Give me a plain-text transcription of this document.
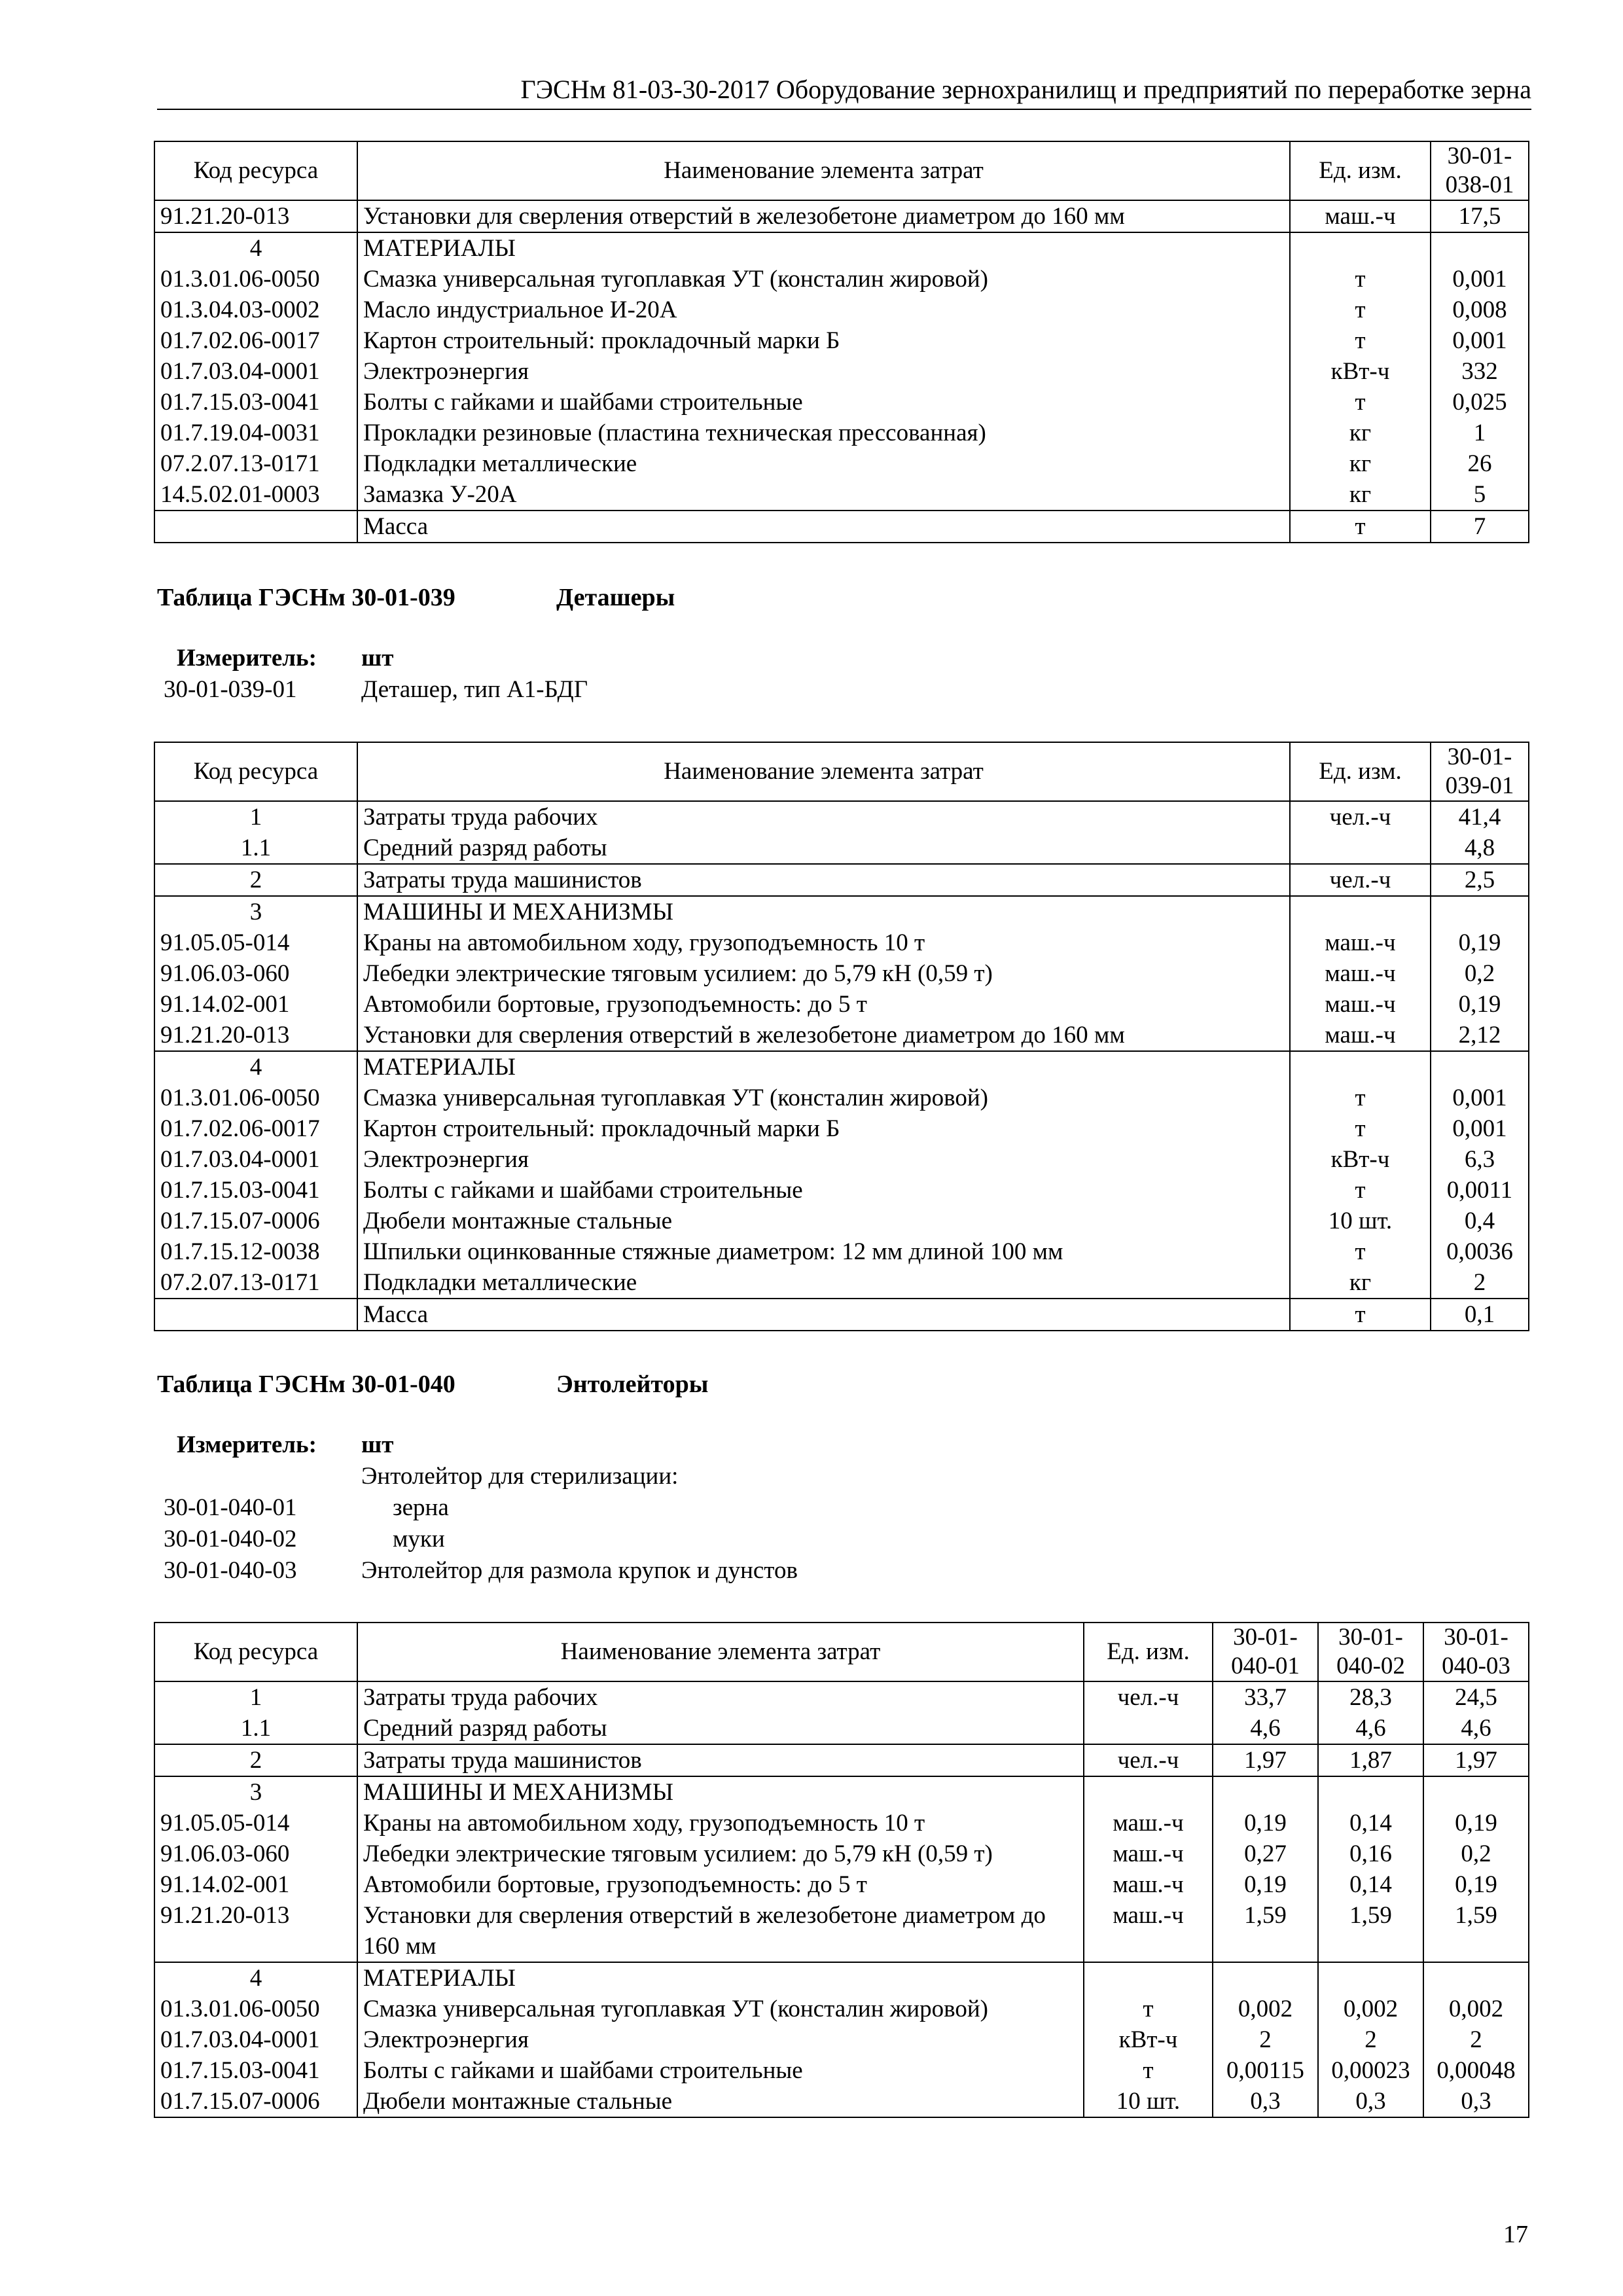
ГЭСНм 81-03-30-2017 Оборудование зернохранилищ и предприятий по переработке зерна
Код ресурса	Наименование элемента затрат	Ед. изм.	30-01-038-01
91.21.20-013	Установки для сверления отверстий в железобетоне диаметром до 160 мм	маш.-ч	17,5
4	МАТЕРИАЛЫ		
01.3.01.06-0050	Смазка универсальная тугоплавкая УТ (консталин жировой)	т	0,001
01.3.04.03-0002	Масло индустриальное И-20А	т	0,008
01.7.02.06-0017	Картон строительный: прокладочный марки Б	т	0,001
01.7.03.04-0001	Электроэнергия	кВт-ч	332
01.7.15.03-0041	Болты с гайками и шайбами строительные	т	0,025
01.7.19.04-0031	Прокладки резиновые (пластина техническая прессованная)	кг	1
07.2.07.13-0171	Подкладки металлические	кг	26
14.5.02.01-0003	Замазка У-20А	кг	5
	Масса	т	7
Таблица ГЭСНм 30-01-039	Деташеры
Измеритель: шт
30-01-039-01	Деташер, тип А1-БДГ
Код ресурса	Наименование элемента затрат	Ед. изм.	30-01-039-01
1	Затраты труда рабочих	чел.-ч	41,4
1.1	Средний разряд работы		4,8
2	Затраты труда машинистов	чел.-ч	2,5
3	МАШИНЫ И МЕХАНИЗМЫ		
91.05.05-014	Краны на автомобильном ходу, грузоподъемность 10 т	маш.-ч	0,19
91.06.03-060	Лебедки электрические тяговым усилием: до 5,79 кН (0,59 т)	маш.-ч	0,2
91.14.02-001	Автомобили бортовые, грузоподъемность: до 5 т	маш.-ч	0,19
91.21.20-013	Установки для сверления отверстий в железобетоне диаметром до 160 мм	маш.-ч	2,12
4	МАТЕРИАЛЫ		
01.3.01.06-0050	Смазка универсальная тугоплавкая УТ (консталин жировой)	т	0,001
01.7.02.06-0017	Картон строительный: прокладочный марки Б	т	0,001
01.7.03.04-0001	Электроэнергия	кВт-ч	6,3
01.7.15.03-0041	Болты с гайками и шайбами строительные	т	0,0011
01.7.15.07-0006	Дюбели монтажные стальные	10 шт.	0,4
01.7.15.12-0038	Шпильки оцинкованные стяжные диаметром: 12 мм длиной 100 мм	т	0,0036
07.2.07.13-0171	Подкладки металлические	кг	2
	Масса	т	0,1
Таблица ГЭСНм 30-01-040	Энтолейторы
Измеритель: шт
Энтолейтор для стерилизации:
30-01-040-01	зерна
30-01-040-02	муки
30-01-040-03	Энтолейтор для размола крупок и дунстов
Код ресурса	Наименование элемента затрат	Ед. изм.	30-01-040-01	30-01-040-02	30-01-040-03
1	Затраты труда рабочих	чел.-ч	33,7	28,3	24,5
1.1	Средний разряд работы		4,6	4,6	4,6
2	Затраты труда машинистов	чел.-ч	1,97	1,87	1,97
3	МАШИНЫ И МЕХАНИЗМЫ				
91.05.05-014	Краны на автомобильном ходу, грузоподъемность 10 т	маш.-ч	0,19	0,14	0,19
91.06.03-060	Лебедки электрические тяговым усилием: до 5,79 кН (0,59 т)	маш.-ч	0,27	0,16	0,2
91.14.02-001	Автомобили бортовые, грузоподъемность: до 5 т	маш.-ч	0,19	0,14	0,19
91.21.20-013	Установки для сверления отверстий в железобетоне диаметром до 160 мм	маш.-ч	1,59	1,59	1,59
4	МАТЕРИАЛЫ				
01.3.01.06-0050	Смазка универсальная тугоплавкая УТ (консталин жировой)	т	0,002	0,002	0,002
01.7.03.04-0001	Электроэнергия	кВт-ч	2	2	2
01.7.15.03-0041	Болты с гайками и шайбами строительные	т	0,00115	0,00023	0,00048
01.7.15.07-0006	Дюбели монтажные стальные	10 шт.	0,3	0,3	0,3
17
